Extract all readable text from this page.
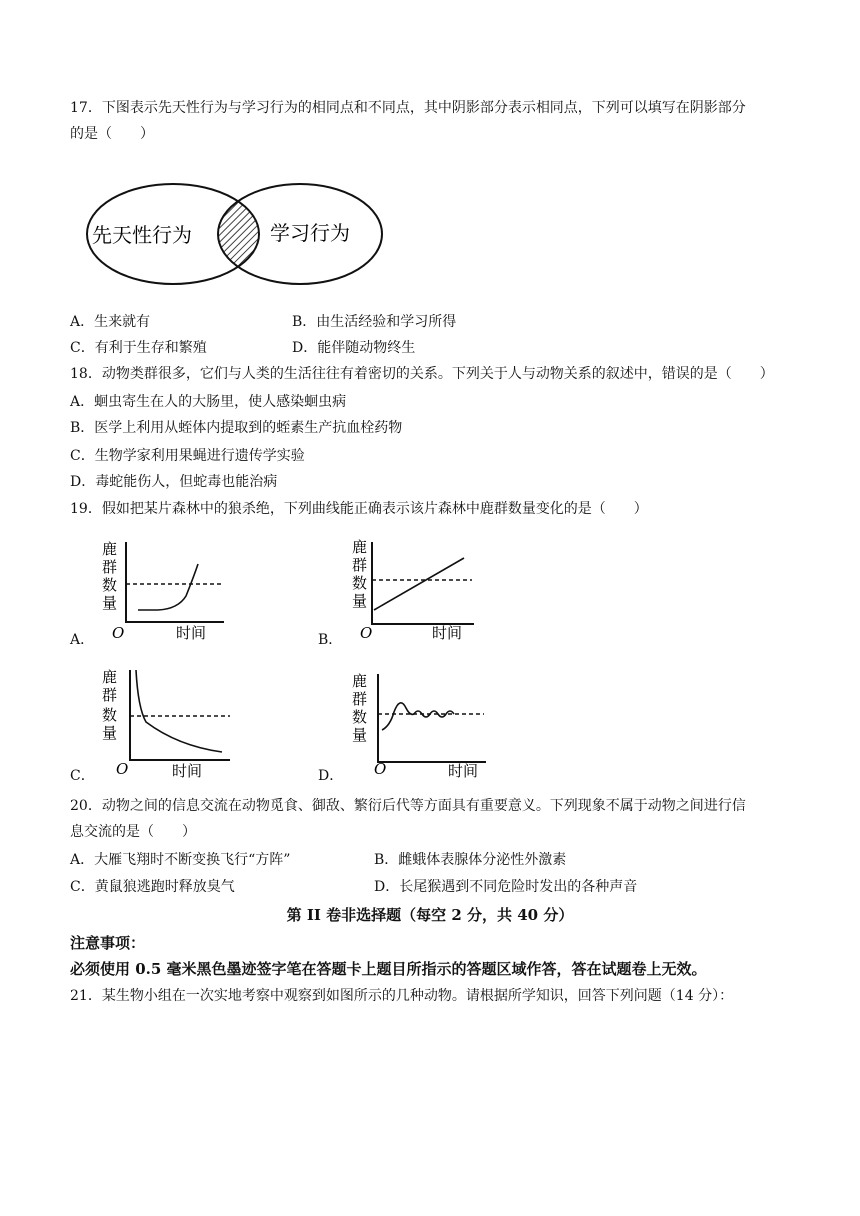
17．下图表示先天性行为与学习行为的相同点和不同点，其中阴影部分表示相同点，下列可以填写在阴影部分
的是（　　）
先天性行为	学习行为
A．生来就有	B．由生活经验和学习所得
C．有利于生存和繁殖	D．能伴随动物终生
18．动物类群很多，它们与人类的生活往往有着密切的关系。下列关于人与动物关系的叙述中，错误的是（　　）
A．蛔虫寄生在人的大肠里，使人感染蛔虫病
B．医学上利用从蛭体内提取到的蛭素生产抗血栓药物
C．生物学家利用果蝇进行遗传学实验
D．毒蛇能伤人，但蛇毒也能治病
19．假如把某片森林中的狼杀绝，下列曲线能正确表示该片森林中鹿群数量变化的是（　　）
A．
鹿
群
数
量
O	时间	B．
鹿
群
数
量
O	时间
C．
鹿
群
数
量
O	时间	D．
鹿
群
数
量
O	时间
20．动物之间的信息交流在动物觅食、御敌、繁衍后代等方面具有重要意义。下列现象不属于动物之间进行信
息交流的是（　　）
A．大雁飞翔时不断变换飞行“方阵”	B．雌蛾体表腺体分泌性外激素
C．黄鼠狼逃跑时释放臭气	D．长尾猴遇到不同危险时发出的各种声音
第 II 卷非选择题（每空 2 分，共 40 分）
注意事项：
必须使用 0.5 毫米黑色墨迹签字笔在答题卡上题目所指示的答题区域作答，答在试题卷上无效。
21．某生物小组在一次实地考察中观察到如图所示的几种动物。请根据所学知识，回答下列问题（14 分）：
